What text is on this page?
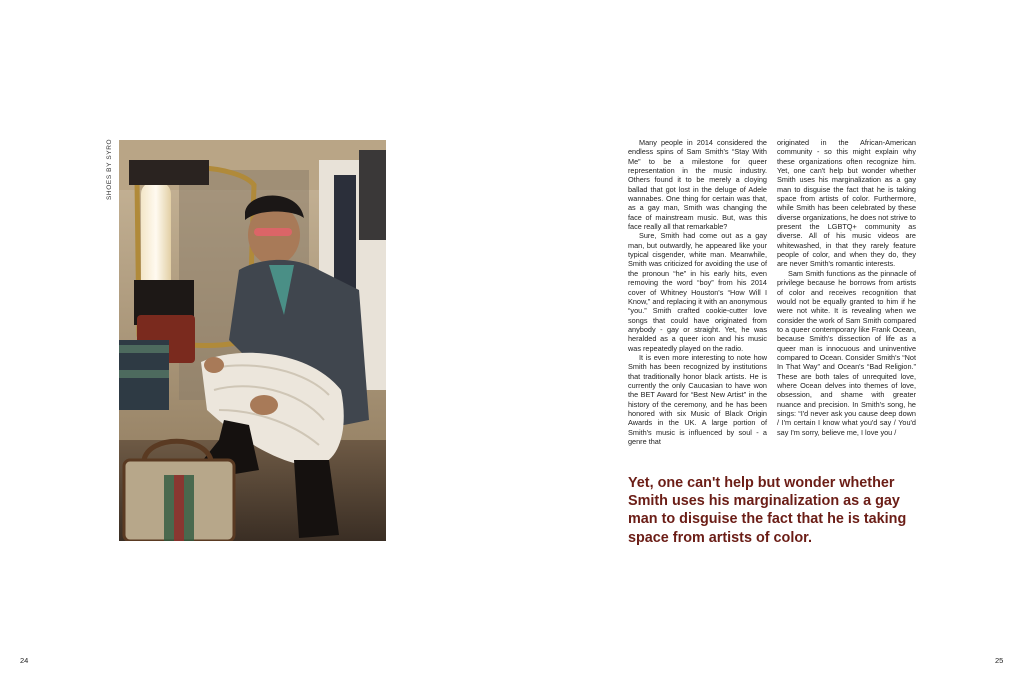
SHOES BY SYRO	Many people in 2014 considered the endless spins of Sam Smith's “Stay With Me” to be a milestone for queer representation in the music industry. Others found it to be merely a cloying ballad that got lost in the deluge of Adele wannabes. One thing for certain was that, as a gay man, Smith was changing the face of mainstream music. But, was this face really all that remarkable?

Sure, Smith had come out as a gay man, but outwardly, he appeared like your typical cisgender, white man. Meanwhile, Smith was criticized for avoiding the use of the pronoun “he” in his early hits, even removing the word “boy” from his 2014 cover of Whitney Houston's “How Will I Know,” and replacing it with an anonymous “you.” Smith crafted cookie-cutter love songs that could have originated from anybody - gay or straight. Yet, he was heralded as a queer icon and his music was repeatedly played on the radio.

It is even more interesting to note how Smith has been recognized by institutions that traditionally honor black artists. He is currently the only Caucasian to have won the BET Award for “Best New Artist” in the history of the ceremony, and he has been honored with six Music of Black Origin Awards in the UK. A large portion of Smith's music is influenced by soul - a genre that

originated in the African-American community - so this might explain why these organizations often recognize him. Yet, one can't help but wonder whether Smith uses his marginalization as a gay man to disguise the fact that he is taking space from artists of color. Furthermore, while Smith has been celebrated by these diverse organizations, he does not strive to present the LGBTQ+ community as diverse. All of his music videos are whitewashed, in that they rarely feature people of color, and when they do, they are never Smith's romantic interests.

Sam Smith functions as the pinnacle of privilege because he borrows from artists of color and receives recognition that would not be equally granted to him if he were not white. It is revealing when we consider the work of Sam Smith compared to a queer contemporary like Frank Ocean, because Smith's dissection of life as a queer man is innocuous and uninventive compared to Ocean. Consider Smith's “Not In That Way” and Ocean's “Bad Religion.” These are both tales of unrequited love, where Ocean delves into themes of love, obsession, and shame with greater nuance and precision. In Smith's song, he sings: “I'd never ask you cause deep down / I'm certain I know what you'd say / You'd say I'm sorry, believe me, I love you /

Yet, one can't help but wonder whether Smith uses his marginalization as a gay man to disguise the fact that he is taking space from artists of color.

24	25
